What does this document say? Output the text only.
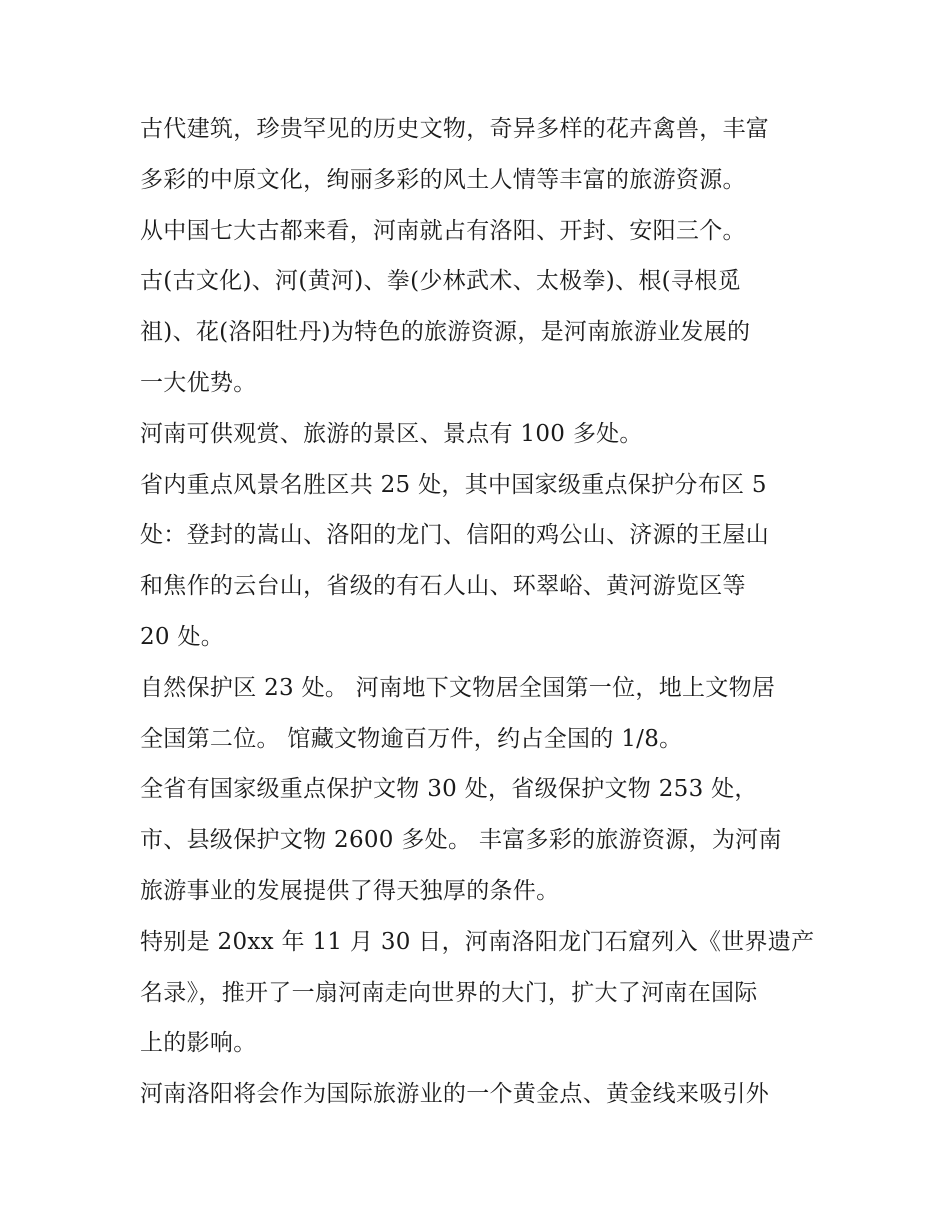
古代建筑，珍贵罕见的历史文物，奇异多样的花卉禽兽，丰富
多彩的中原文化，绚丽多彩的风土人情等丰富的旅游资源。
从中国七大古都来看，河南就占有洛阳、开封、安阳三个。
古(古文化)、河(黄河)、拳(少林武术、太极拳)、根(寻根觅
祖)、花(洛阳牡丹)为特色的旅游资源，是河南旅游业发展的
一大优势。
河南可供观赏、旅游的景区、景点有 100 多处。
省内重点风景名胜区共 25 处，其中国家级重点保护分布区 5
处：登封的嵩山、洛阳的龙门、信阳的鸡公山、济源的王屋山
和焦作的云台山，省级的有石人山、环翠峪、黄河游览区等
20 处。
自然保护区 23 处。 河南地下文物居全国第一位，地上文物居
全国第二位。 馆藏文物逾百万件，约占全国的 1/8。
全省有国家级重点保护文物 30 处，省级保护文物 253 处，
市、县级保护文物 2600 多处。 丰富多彩的旅游资源，为河南
旅游事业的发展提供了得天独厚的条件。
特别是 20xx 年 11 月 30 日，河南洛阳龙门石窟列入《世界遗产
名录》，推开了一扇河南走向世界的大门，扩大了河南在国际
上的影响。
河南洛阳将会作为国际旅游业的一个黄金点、黄金线来吸引外
